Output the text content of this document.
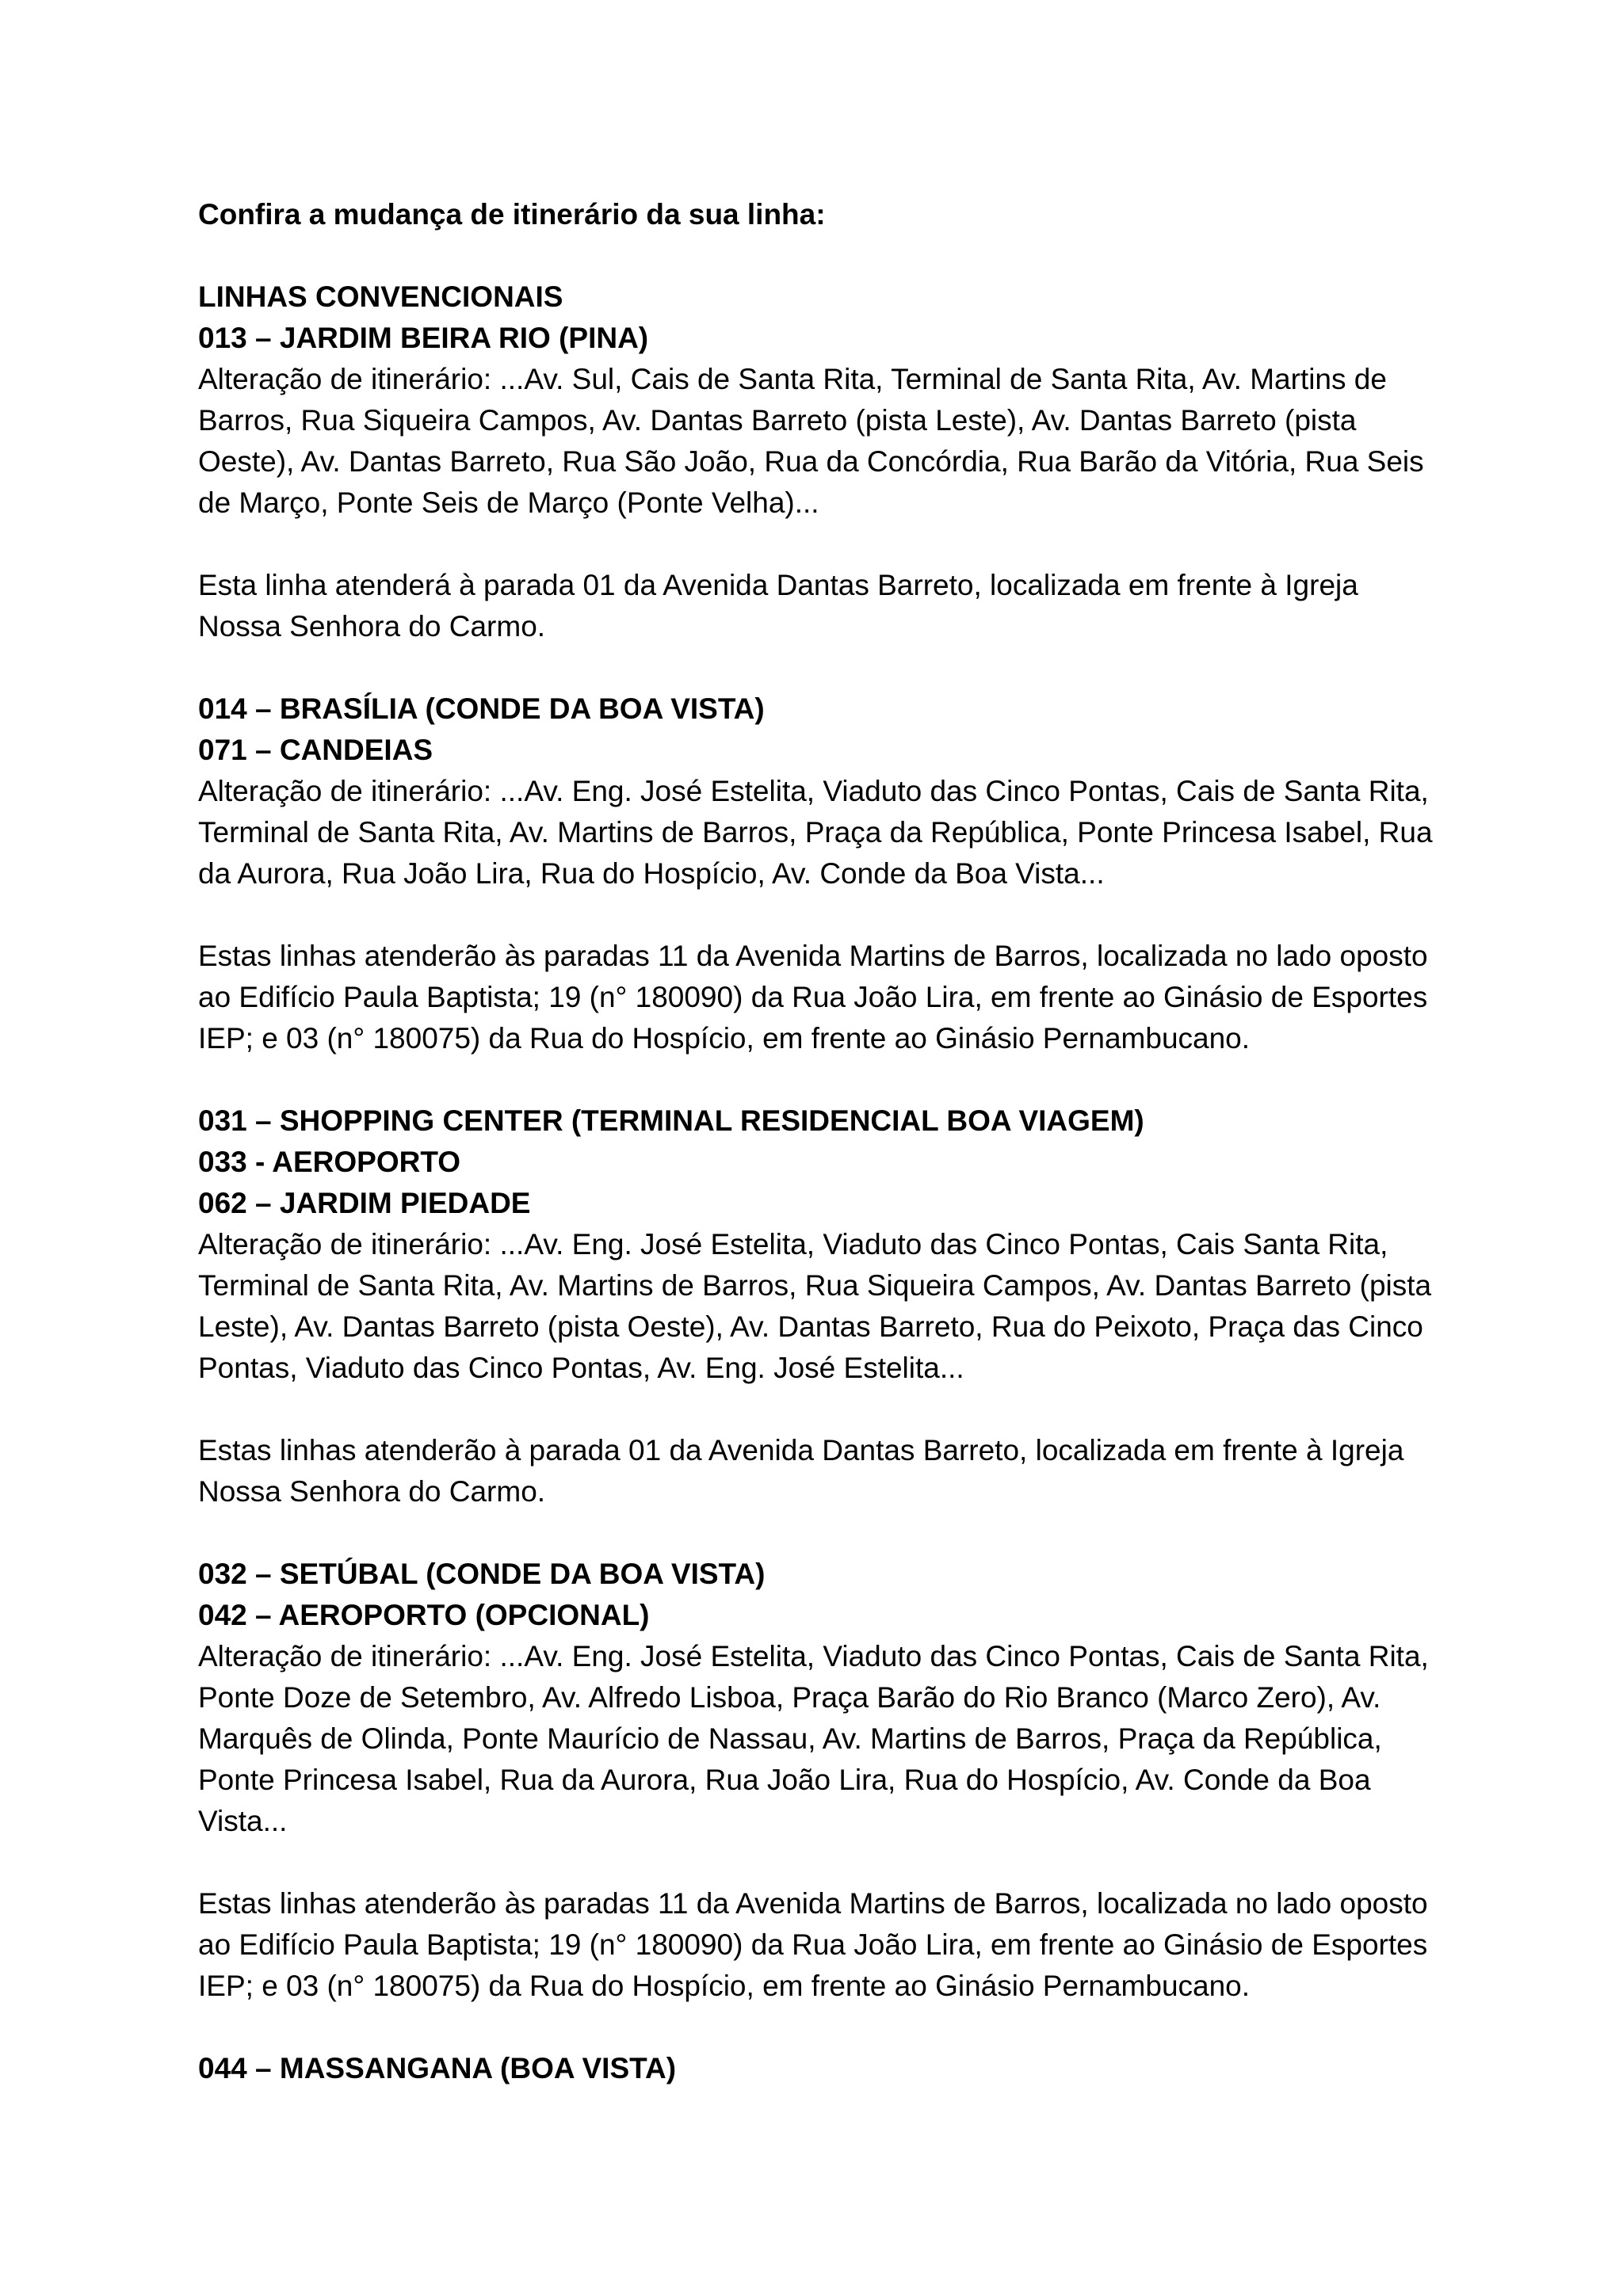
Confira a mudança de itinerário da sua linha:

LINHAS CONVENCIONAIS

013 – JARDIM BEIRA RIO (PINA)

Alteração de itinerário: ...Av. Sul, Cais de Santa Rita, Terminal de Santa Rita, Av. Martins de Barros, Rua Siqueira Campos, Av. Dantas Barreto (pista Leste), Av. Dantas Barreto (pista Oeste), Av. Dantas Barreto, Rua São João, Rua da Concórdia, Rua Barão da Vitória, Rua Seis de Março, Ponte Seis de Março (Ponte Velha)...

Esta linha atenderá à parada 01 da Avenida Dantas Barreto, localizada em frente à Igreja Nossa Senhora do Carmo.

014 – BRASÍLIA (CONDE DA BOA VISTA)

071 – CANDEIAS

Alteração de itinerário: ...Av. Eng. José Estelita, Viaduto das Cinco Pontas, Cais de Santa Rita, Terminal de Santa Rita, Av. Martins de Barros, Praça da República, Ponte Princesa Isabel, Rua da Aurora, Rua João Lira, Rua do Hospício, Av. Conde da Boa Vista...

Estas linhas atenderão às paradas 11 da Avenida Martins de Barros, localizada no lado oposto ao Edifício Paula Baptista; 19 (n° 180090) da Rua João Lira, em frente ao Ginásio de Esportes IEP; e 03 (n° 180075) da Rua do Hospício, em frente ao Ginásio Pernambucano.

031 – SHOPPING CENTER (TERMINAL RESIDENCIAL BOA VIAGEM)

033 - AEROPORTO

062 – JARDIM PIEDADE

Alteração de itinerário: ...Av. Eng. José Estelita, Viaduto das Cinco Pontas, Cais Santa Rita, Terminal de Santa Rita, Av. Martins de Barros, Rua Siqueira Campos, Av. Dantas Barreto (pista Leste), Av. Dantas Barreto (pista Oeste), Av. Dantas Barreto, Rua do Peixoto, Praça das Cinco Pontas, Viaduto das Cinco Pontas, Av. Eng. José Estelita...

Estas linhas atenderão à parada 01 da Avenida Dantas Barreto, localizada em frente à Igreja Nossa Senhora do Carmo.

032 – SETÚBAL (CONDE DA BOA VISTA)

042 – AEROPORTO (OPCIONAL)

Alteração de itinerário: ...Av. Eng. José Estelita, Viaduto das Cinco Pontas, Cais de Santa Rita, Ponte Doze de Setembro, Av. Alfredo Lisboa, Praça Barão do Rio Branco (Marco Zero), Av. Marquês de Olinda, Ponte Maurício de Nassau, Av. Martins de Barros, Praça da República, Ponte Princesa Isabel, Rua da Aurora, Rua João Lira, Rua do Hospício, Av. Conde da Boa Vista...

Estas linhas atenderão às paradas 11 da Avenida Martins de Barros, localizada no lado oposto ao Edifício Paula Baptista; 19 (n° 180090) da Rua João Lira, em frente ao Ginásio de Esportes IEP; e 03 (n° 180075) da Rua do Hospício, em frente ao Ginásio Pernambucano.

044 – MASSANGANA (BOA VISTA)
